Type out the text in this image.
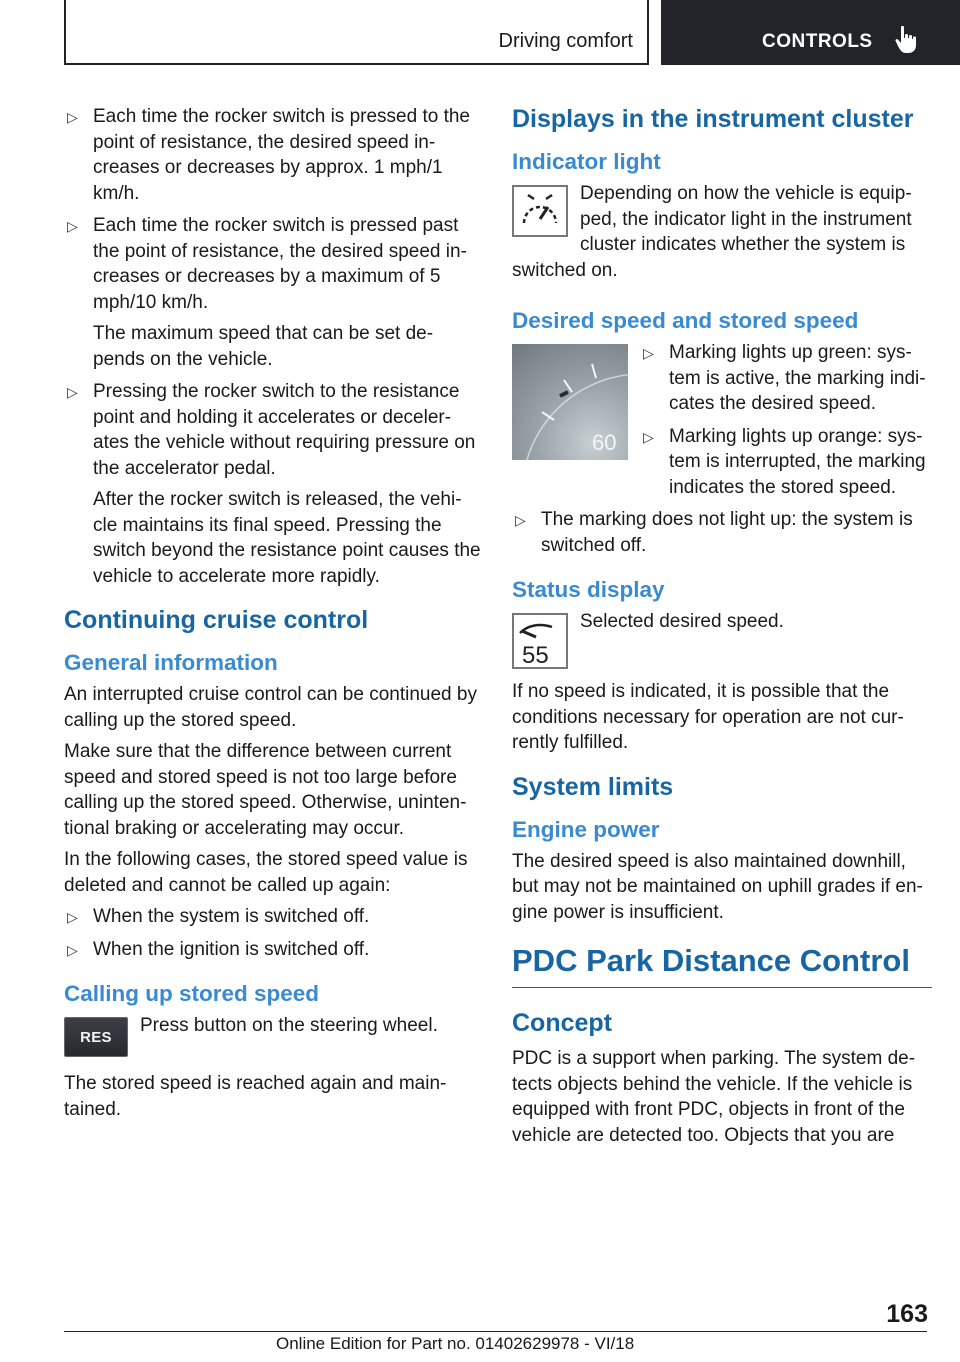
Driving comfort	CONTROLS
▷ Each time the rocker switch is pressed to the point of resistance, the desired speed in-creases or decreases by approx. 1 mph/1 km/h.

▷ Each time the rocker switch is pressed past the point of resistance, the desired speed in-creases or decreases by a maximum of 5 mph/10 km/h.

The maximum speed that can be set de-pends on the vehicle.

▷ Pressing the rocker switch to the resistance point and holding it accelerates or deceler-ates the vehicle without requiring pressure on the accelerator pedal.

After the rocker switch is released, the vehi-cle maintains its final speed. Pressing the switch beyond the resistance point causes the vehicle to accelerate more rapidly.

Continuing cruise control
General information

An interrupted cruise control can be continued by calling up the stored speed.

Make sure that the difference between current speed and stored speed is not too large before calling up the stored speed. Otherwise, uninten-tional braking or accelerating may occur.

In the following cases, the stored speed value is deleted and cannot be called up again:

▷ When the system is switched off.

▷ When the ignition is switched off.

Calling up stored speed
RES

Press button on the steering wheel.

The stored speed is reached again and main-tained.

Displays in the instrument cluster
Indicator light

Depending on how the vehicle is equip-ped, the indicator light in the instrument cluster indicates whether the system is switched on.

Desired speed and stored speed
60
▷ Marking lights up green: sys-tem is active, the marking indi-cates the desired speed.

▷ Marking lights up orange: sys-tem is interrupted, the marking indicates the stored speed.

▷ The marking does not light up: the system is switched off.

Status display
55

Selected desired speed.

If no speed is indicated, it is possible that the conditions necessary for operation are not cur-rently fulfilled.

System limits
Engine power

The desired speed is also maintained downhill, but may not be maintained on uphill grades if en-gine power is insufficient.

PDC Park Distance Control
Concept

PDC is a support when parking. The system de-tects objects behind the vehicle. If the vehicle is equipped with front PDC, objects in front of the vehicle are detected too. Objects that you are

163
Online Edition for Part no. 01402629978 - VI/18
